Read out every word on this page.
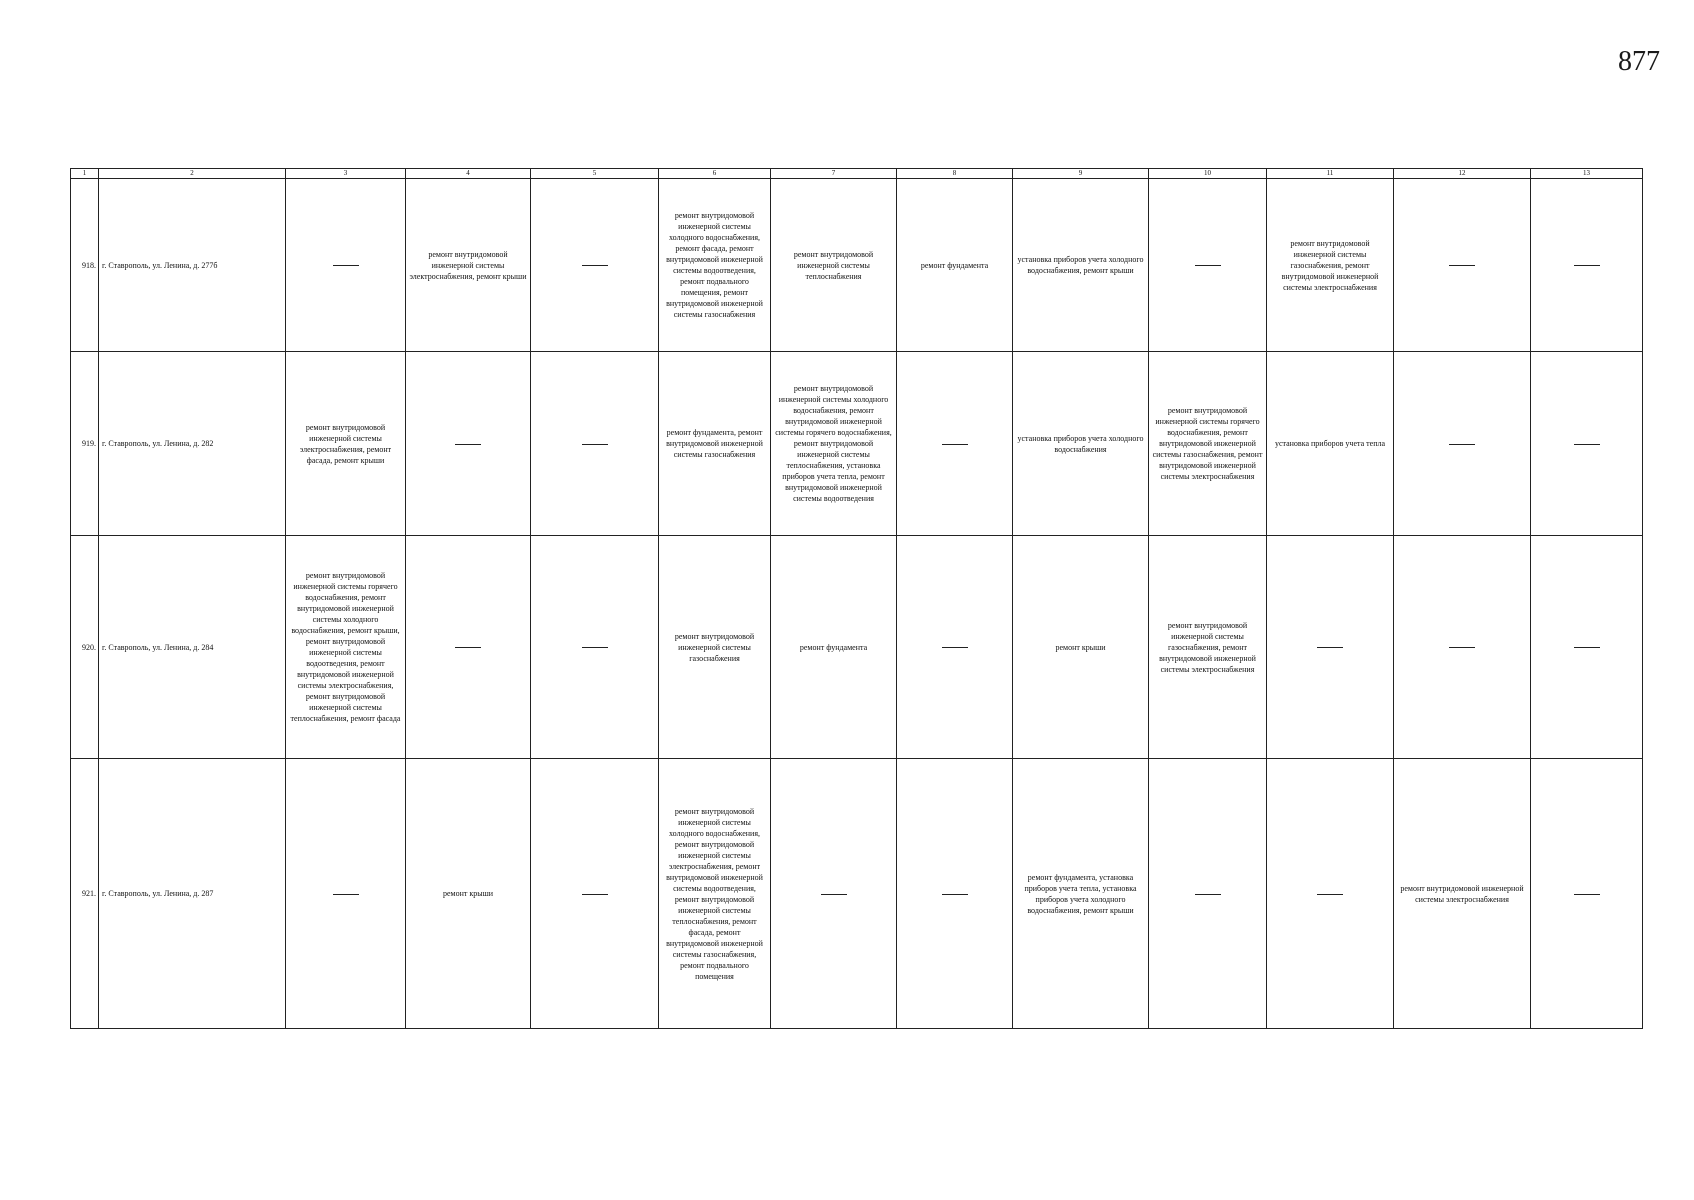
877
1	2	3	4	5	6	7	8	9	10	11	12	13
918.	г. Ставрополь, ул. Ленина, д. 277б		ремонт внутридомовой инженерной системы электроснабжения, ремонт крыши		ремонт внутридомовой инженерной системы холодного водоснабжения, ремонт фасада, ремонт внутридомовой инженерной системы водоотведения, ремонт подвального помещения, ремонт внутридомовой инженерной системы газоснабжения	ремонт внутридомовой инженерной системы теплоснабжения	ремонт фундамента	установка приборов учета холодного водоснабжения, ремонт крыши		ремонт внутридомовой инженерной системы газоснабжения, ремонт внутридомовой инженерной системы электроснабжения		
919.	г. Ставрополь, ул. Ленина, д. 282	ремонт внутридомовой инженерной системы электроснабжения, ремонт фасада, ремонт крыши			ремонт фундамента, ремонт внутридомовой инженерной системы газоснабжения	ремонт внутридомовой инженерной системы холодного водоснабжения, ремонт внутридомовой инженерной системы горячего водоснабжения, ремонт внутридомовой инженерной системы теплоснабжения, установка приборов учета тепла, ремонт внутридомовой инженерной системы водоотведения		установка приборов учета холодного водоснабжения	ремонт внутридомовой инженерной системы горячего водоснабжения, ремонт внутридомовой инженерной системы газоснабжения, ремонт внутридомовой инженерной системы электроснабжения	установка приборов учета тепла		
920.	г. Ставрополь, ул. Ленина, д. 284	ремонт внутридомовой инженерной системы горячего водоснабжения, ремонт внутридомовой инженерной системы холодного водоснабжения, ремонт крыши, ремонт внутридомовой инженерной системы водоотведения, ремонт внутридомовой инженерной системы электроснабжения, ремонт внутридомовой инженерной системы теплоснабжения, ремонт фасада			ремонт внутридомовой инженерной системы газоснабжения	ремонт фундамента		ремонт крыши	ремонт внутридомовой инженерной системы газоснабжения, ремонт внутридомовой инженерной системы электроснабжения			
921.	г. Ставрополь, ул. Ленина, д. 287		ремонт крыши		ремонт внутридомовой инженерной системы холодного водоснабжения, ремонт внутридомовой инженерной системы электроснабжения, ремонт внутридомовой инженерной системы водоотведения, ремонт внутридомовой инженерной системы теплоснабжения, ремонт фасада, ремонт внутридомовой инженерной системы газоснабжения, ремонт подвального помещения			ремонт фундамента, установка приборов учета тепла, установка приборов учета холодного водоснабжения, ремонт крыши			ремонт внутридомовой инженерной системы электроснабжения	
